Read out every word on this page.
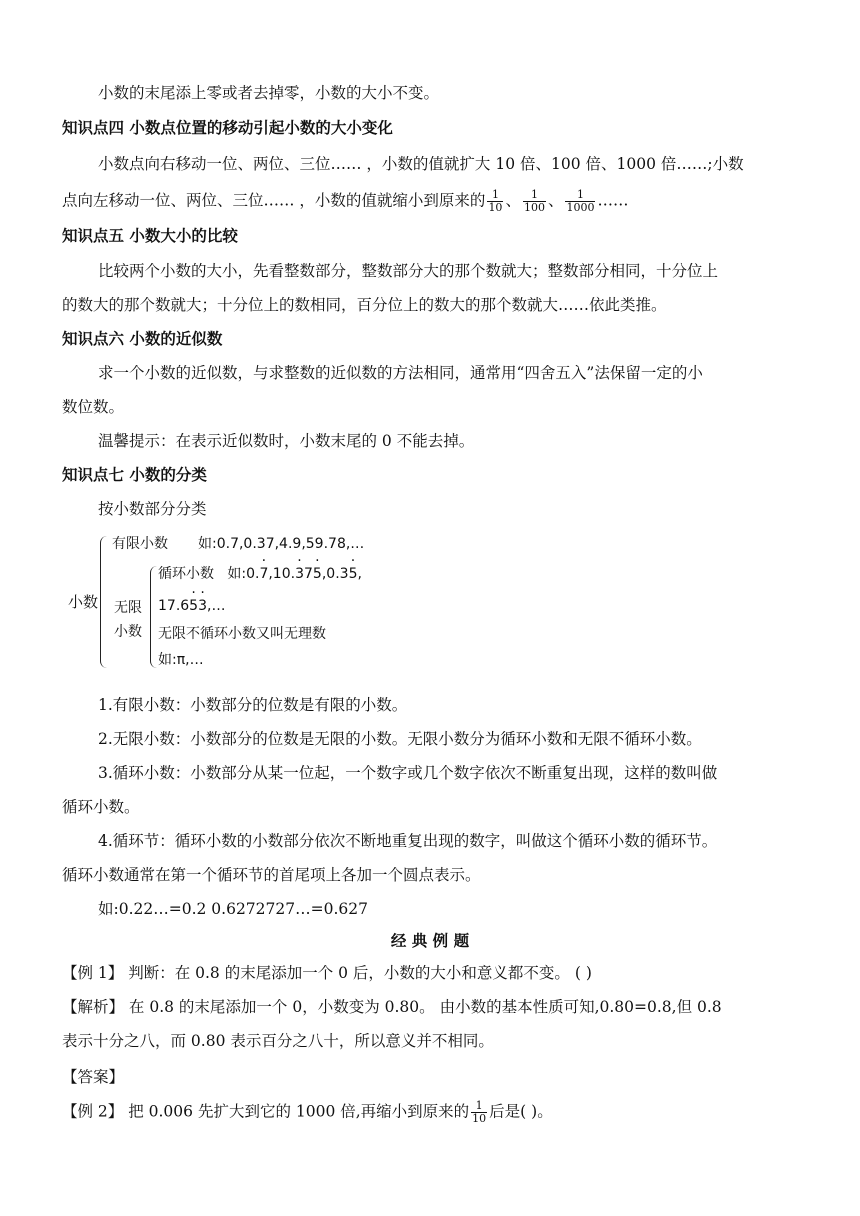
小数的末尾添上零或者去掉零，小数的大小不变。
知识点四 小数点位置的移动引起小数的大小变化
小数点向右移动一位、两位、三位…… ，小数的值就扩大 10 倍、100 倍、1000 倍……;小数
点向左移动一位、两位、三位…… ，小数的值就缩小到原来的 $\frac{1}{10}$ 、 $\frac{1}{100}$ 、 $\frac{1}{1000}$ ……
知识点五 小数大小的比较
比较两个小数的大小，先看整数部分，整数部分大的那个数就大；整数部分相同，十分位上
的数大的那个数就大；十分位上的数相同，百分位上的数大的那个数就大……依此类推。
知识点六 小数的近似数
求一个小数的近似数，与求整数的近似数的方法相同，通常用“四舍五入”法保留一定的小
数位数。
温馨提示：在表示近似数时，小数末尾的 0 不能去掉。
知识点七 小数的分类
按小数部分分类
小数
有限小数 如:0.7,0.37,4.9,59.78,…
无限
小数
循环小数 如:0.· 7,10.· 37· 5,0.3· 5,
17.6· 5· 3,…
无限不循环小数又叫无理数
如:π,…
1.有限小数：小数部分的位数是有限的小数。
2.无限小数：小数部分的位数是无限的小数。无限小数分为循环小数和无限不循环小数。
3.循环小数：小数部分从某一位起，一个数字或几个数字依次不断重复出现，这样的数叫做
循环小数。
4.循环节：循环小数的小数部分依次不断地重复出现的数字，叫做这个循环小数的循环节。
循环小数通常在第一个循环节的首尾项上各加一个圆点表示。
如:0.22…=0.2 0.6272727…=0.627
经 典 例 题
【例 1】 判断：在 0.8 的末尾添加一个 0 后，小数的大小和意义都不变。 ( )
【解析】 在 0.8 的末尾添加一个 0，小数变为 0.80。 由小数的基本性质可知,0.80=0.8,但 0.8
表示十分之八，而 0.80 表示百分之八十，所以意义并不相同。
【答案】
【例 2】 把 0.006 先扩大到它的 1000 倍,再缩小到原来的 $\frac{1}{10}$ 后是( )。
